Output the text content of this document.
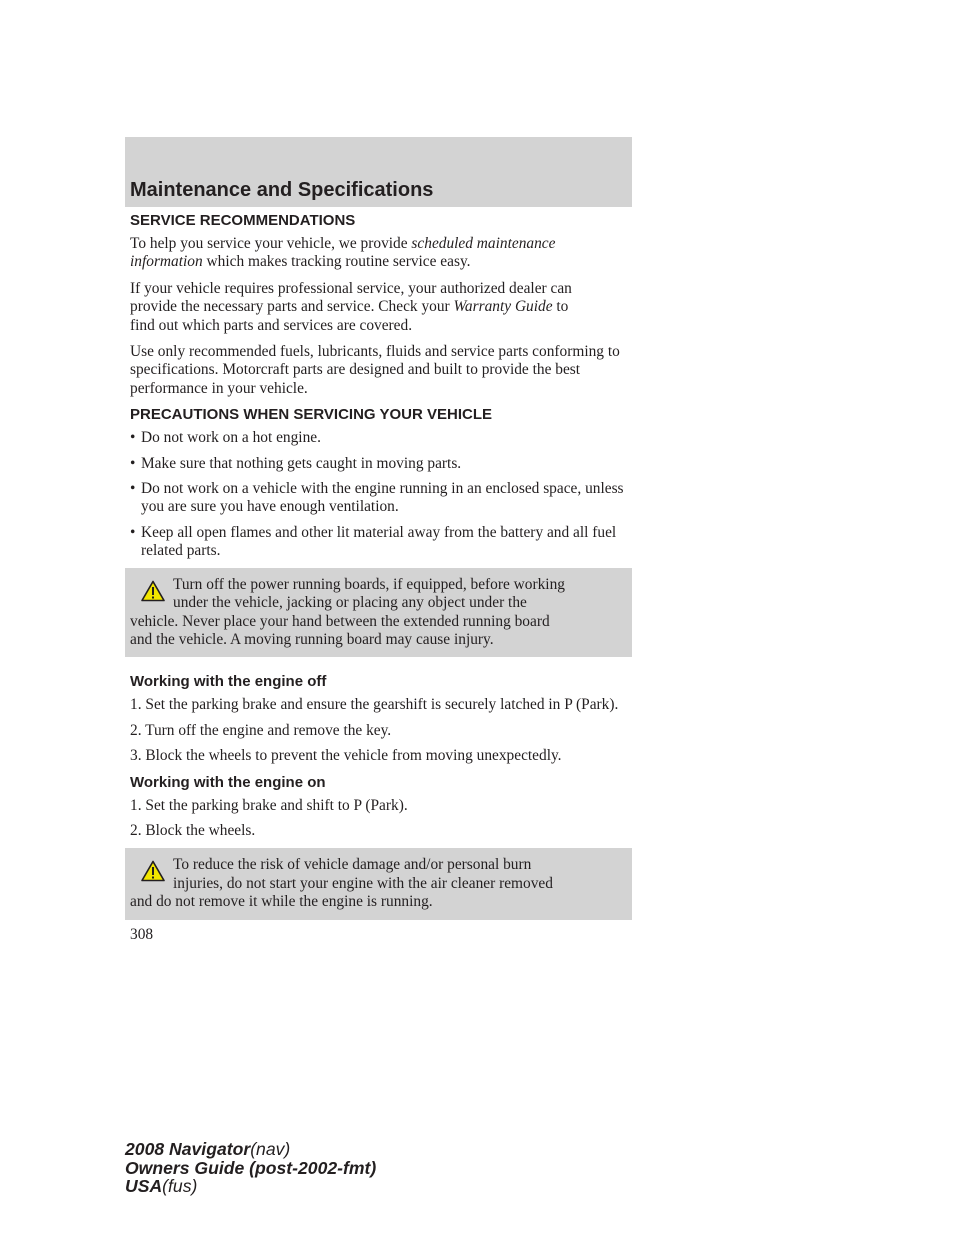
Maintenance and Specifications
SERVICE RECOMMENDATIONS

To help you service your vehicle, we provide scheduled maintenance
information which makes tracking routine service easy.

If your vehicle requires professional service, your authorized dealer can
provide the necessary parts and service. Check your Warranty Guide to
find out which parts and services are covered.

Use only recommended fuels, lubricants, fluids and service parts conforming to specifications. Motorcraft parts are designed and built to provide the best performance in your vehicle.

PRECAUTIONS WHEN SERVICING YOUR VEHICLE
• Do not work on a hot engine.
• Make sure that nothing gets caught in moving parts.
• Do not work on a vehicle with the engine running in an enclosed space, unless you are sure you have enough ventilation.
• Keep all open flames and other lit material away from the battery and all fuel related parts.
Turn off the power running boards, if equipped, before working
under the vehicle, jacking or placing any object under the
vehicle. Never place your hand between the extended running board
and the vehicle. A moving running board may cause injury.
Working with the engine off

1. Set the parking brake and ensure the gearshift is securely latched in P (Park).

2. Turn off the engine and remove the key.

3. Block the wheels to prevent the vehicle from moving unexpectedly.

Working with the engine on

1. Set the parking brake and shift to P (Park).

2. Block the wheels.

To reduce the risk of vehicle damage and/or personal burn
injuries, do not start your engine with the air cleaner removed
and do not remove it while the engine is running.
308
2008 Navigator(nav)
Owners Guide (post-2002-fmt)
USA(fus)
